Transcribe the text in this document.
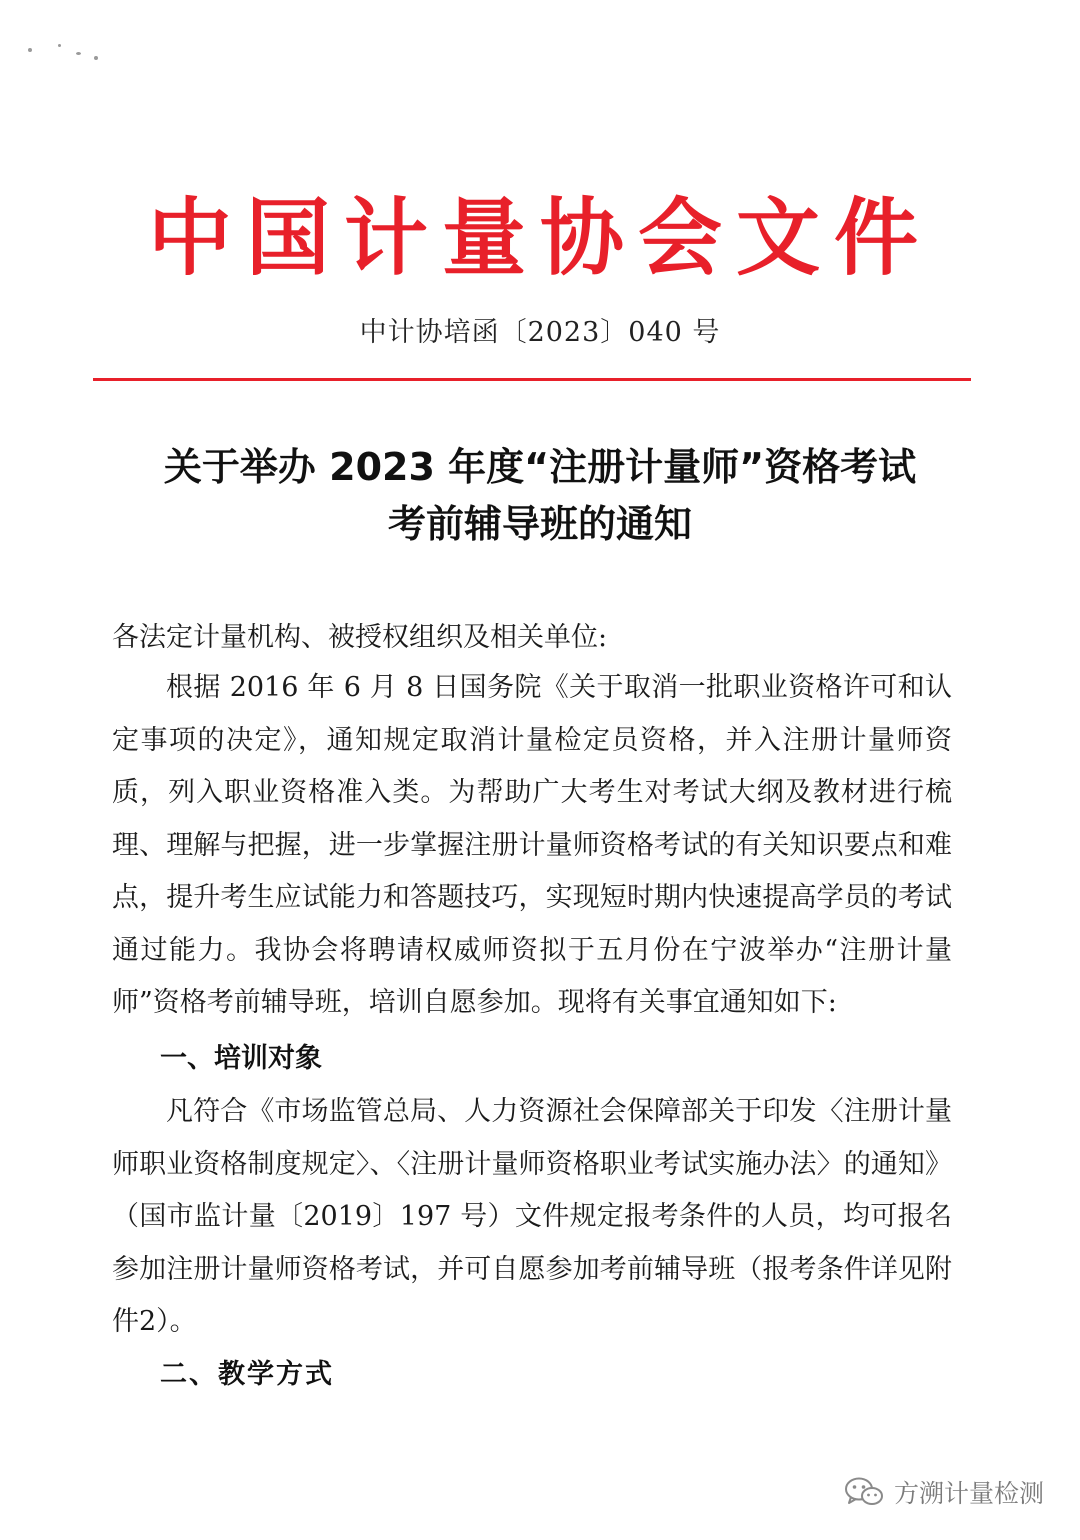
中国计量协会文件
中计协培函〔2023〕040 号
关于举办 2023 年度“注册计量师”资格考试
考前辅导班的通知
各法定计量机构、被授权组织及相关单位:
根据 2016 年 6 月 8 日国务院《关于取消一批职业资格许可和认定事项的决定》，通知规定取消计量检定员资格，并入注册计量师资质，列入职业资格准入类。为帮助广大考生对考试大纲及教材进行梳理、理解与把握，进一步掌握注册计量师资格考试的有关知识要点和难点，提升考生应试能力和答题技巧，实现短时期内快速提高学员的考试通过能力。我协会将聘请权威师资拟于五月份在宁波举办“注册计量师”资格考前辅导班，培训自愿参加。现将有关事宜通知如下:
一、培训对象
凡符合《市场监管总局、人力资源社会保障部关于印发〈注册计量师职业资格制度规定〉、〈注册计量师资格职业考试实施办法〉的通知》（国市监计量〔2019〕197 号）文件规定报考条件的人员，均可报名参加注册计量师资格考试，并可自愿参加考前辅导班（报考条件详见附件2）。
二、教学方式
方溯计量检测
